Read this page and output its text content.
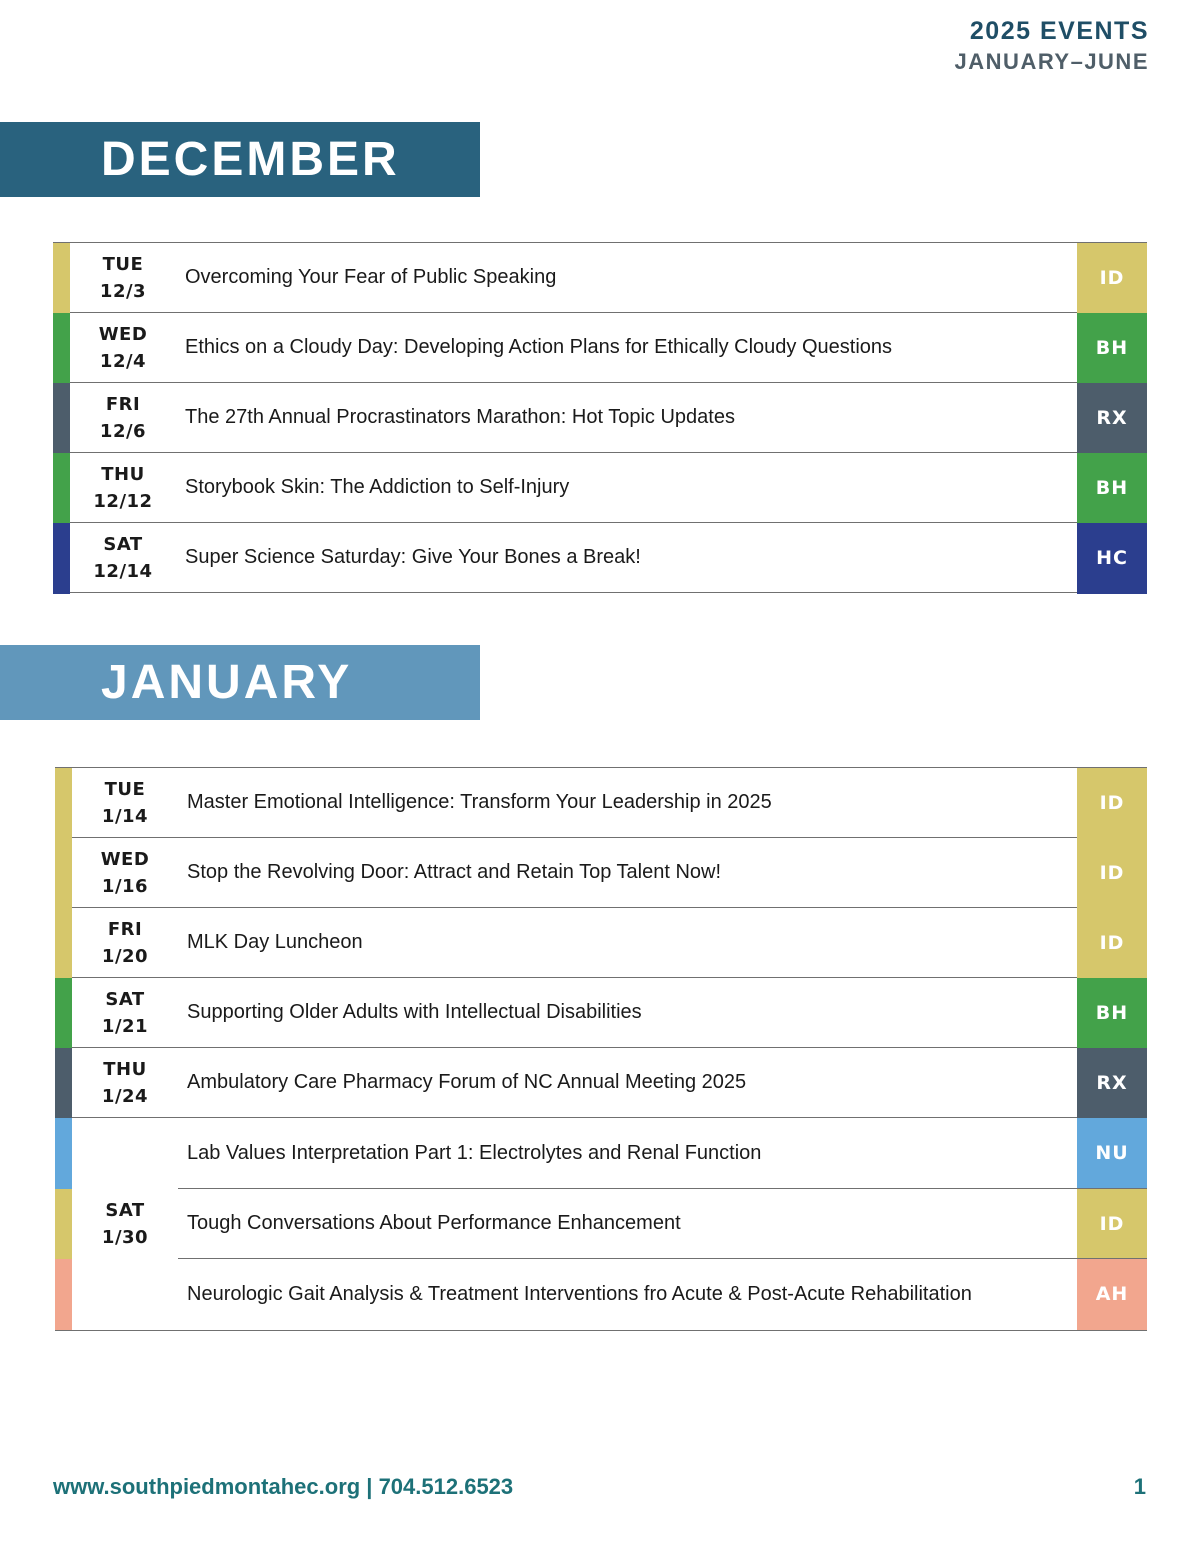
2025 EVENTS
JANUARY–JUNE
DECEMBER
TUE
12/3
Overcoming Your Fear of Public Speaking	ID
WED
12/4
Ethics on a Cloudy Day: Developing Action Plans for Ethically Cloudy Questions	BH
FRI
12/6
The 27th Annual Procrastinators Marathon: Hot Topic Updates	RX
THU
12/12
Storybook Skin: The Addiction to Self-Injury	BH
SAT
12/14
Super Science Saturday: Give Your Bones a Break!	HC
JANUARY
TUE
1/14
Master Emotional Intelligence: Transform Your Leadership in 2025	ID
WED
1/16
Stop the Revolving Door: Attract and Retain Top Talent Now!	ID
FRI
1/20
MLK Day Luncheon	ID
SAT
1/21
Supporting Older Adults with Intellectual Disabilities	BH
THU
1/24
Ambulatory Care Pharmacy Forum of NC Annual Meeting 2025	RX
SAT
1/30
Lab Values Interpretation Part 1: Electrolytes and Renal Function	NU
Tough Conversations About Performance Enhancement	ID
Neurologic Gait Analysis & Treatment Interventions fro Acute & Post-Acute Rehabilitation	AH
www.southpiedmontahec.org | 704.512.6523	1
